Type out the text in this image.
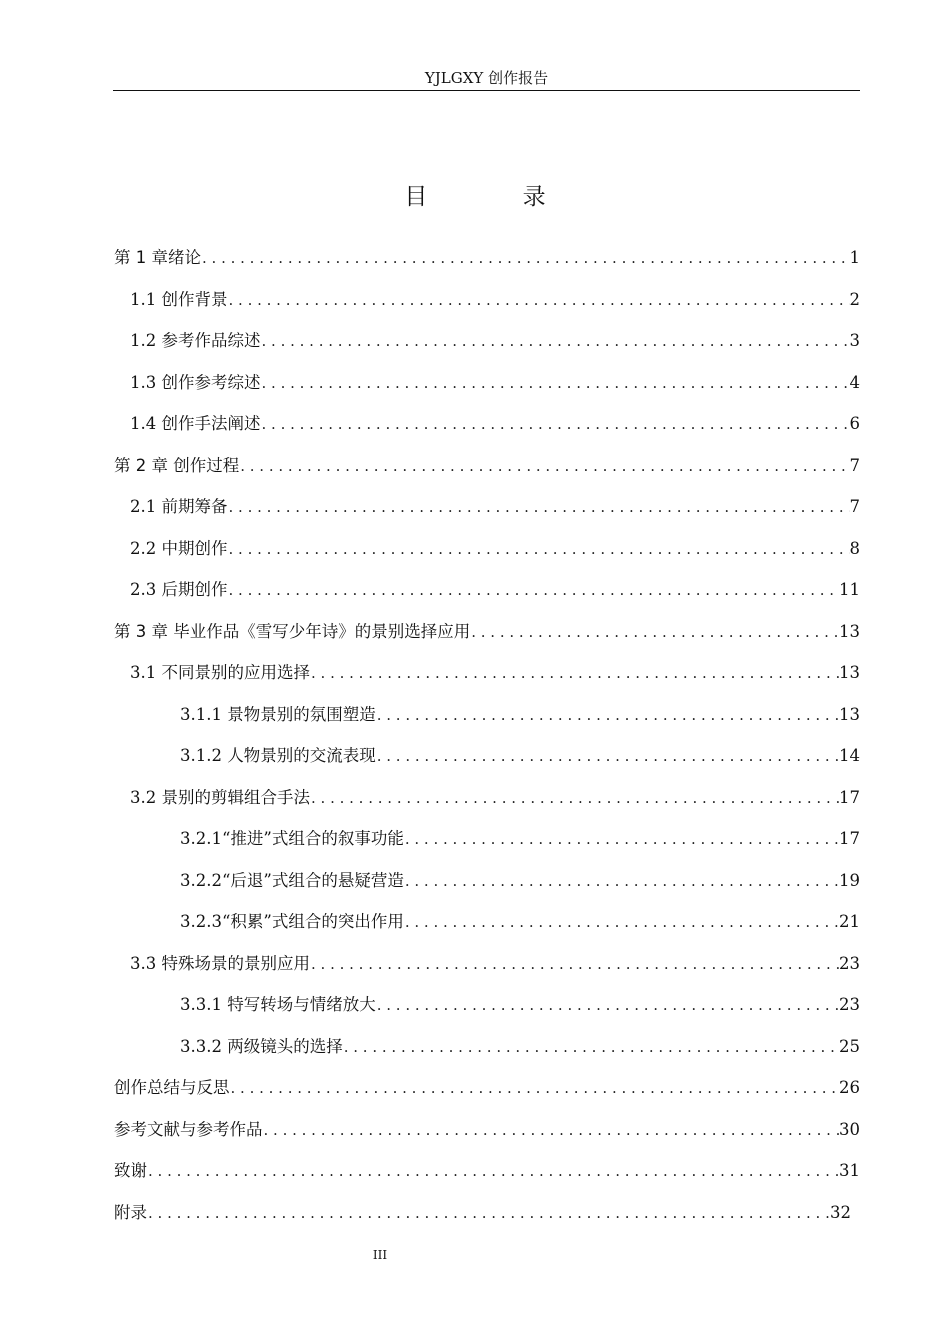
YJLGXY 创作报告
目 录
第 1 章绪论 . . .	1
1.1 创作背景 . . .	2
1.2 参考作品综述 . . .	3
1.3 创作参考综述 . . .	4
1.4 创作手法阐述 . . .	6
第 2 章 创作过程 . . .	7
2.1 前期筹备 . . .	7
2.2 中期创作 . . .	8
2.3 后期创作 . . .	11
第 3 章 毕业作品《雪写少年诗》的景别选择应用 . . .	13
3.1 不同景别的应用选择 . . .	13
3.1.1 景物景别的氛围塑造 . . .	13
3.1.2 人物景别的交流表现 . . .	14
3.2 景别的剪辑组合手法 . . .	17
3.2.1“推进”式组合的叙事功能 . . .	17
3.2.2“后退”式组合的悬疑营造 . . .	19
3.2.3“积累”式组合的突出作用 . . .	21
3.3 特殊场景的景别应用 . . .	23
3.3.1 特写转场与情绪放大 . . .	23
3.3.2 两级镜头的选择 . . .	25
创作总结与反思 . . .	26
参考文献与参考作品 . . .	30
致谢 . . .	31
附录 . . .	32
III
